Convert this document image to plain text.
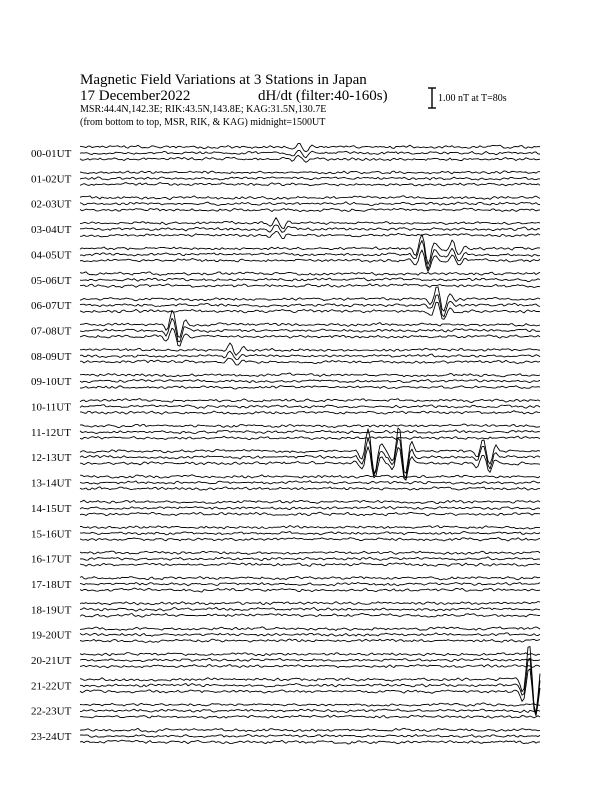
Magnetic Field Variations at 3 Stations in Japan
17 December2022	dH/dt (filter:40-160s)
MSR:44.4N,142.3E; RIK:43.5N,143.8E; KAG:31.5N,130.7E
(from bottom to top, MSR, RIK, & KAG) midnight=1500UT
1.00 nT at T=80s
00-01UT
01-02UT
02-03UT
03-04UT
04-05UT
05-06UT
06-07UT
07-08UT
08-09UT
09-10UT
10-11UT
11-12UT
12-13UT
13-14UT
14-15UT
15-16UT
16-17UT
17-18UT
18-19UT
19-20UT
20-21UT
21-22UT
22-23UT
23-24UT
